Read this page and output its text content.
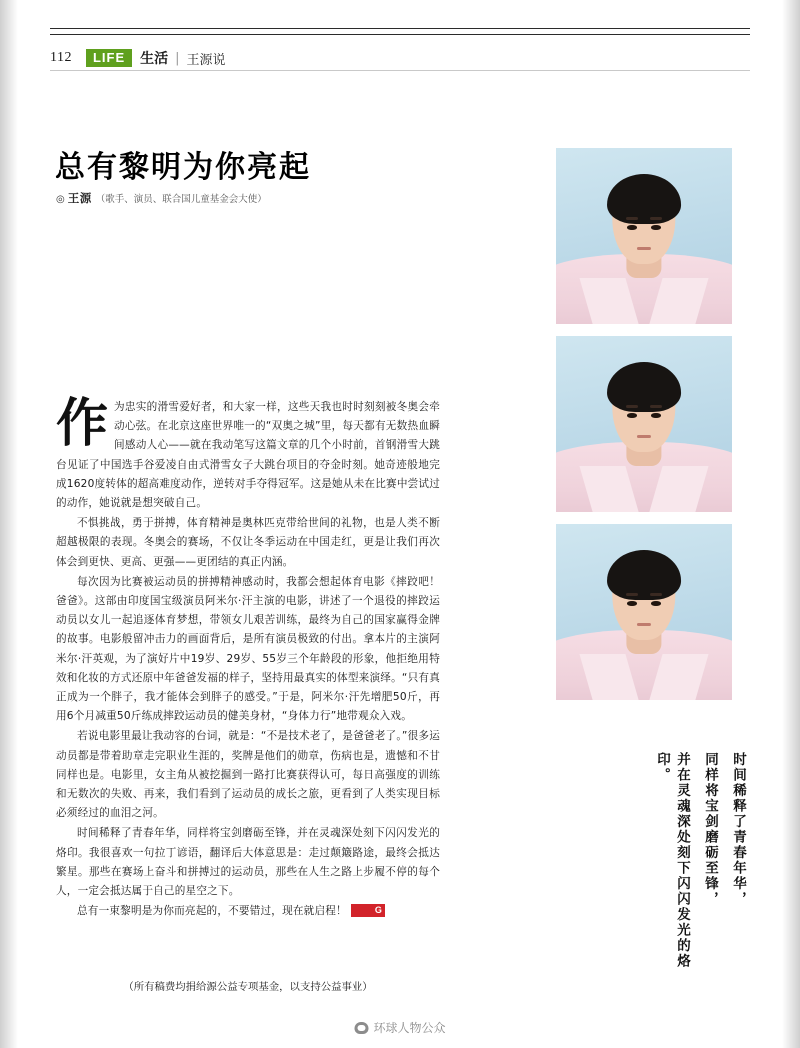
112	LIFE	生活 | 王源说
总有黎明为你亮起
◎ 王源 （歌手、演员、联合国儿童基金会大使）
作 为忠实的滑雪爱好者，和大家一样，这些天我也时时刻刻被冬奥会牵动心弦。在北京这座世界唯一的“双奥之城”里，每天都有无数热血瞬间感动人心——就在我动笔写这篇文章的几个小时前，首钢滑雪大跳台见证了中国选手谷爱凌自由式滑雪女子大跳台项目的夺金时刻。她奇迹般地完成1620度转体的超高难度动作，逆转对手夺得冠军。这是她从未在比赛中尝试过的动作，她说就是想突破自己。

不惧挑战，勇于拼搏，体育精神是奥林匹克带给世间的礼物，也是人类不断超越极限的表现。冬奥会的赛场，不仅让冬季运动在中国走红，更是让我们再次体会到更快、更高、更强——更团结的真正内涵。

每次因为比赛被运动员的拼搏精神感动时，我都会想起体育电影《摔跤吧！爸爸》。这部由印度国宝级演员阿米尔·汗主演的电影，讲述了一个退役的摔跤运动员以女儿一起追逐体育梦想，带领女儿艰苦训练，最终为自己的国家赢得金牌的故事。电影般留冲击力的画面背后，是所有演员极致的付出。拿本片的主演阿米尔·汗英观，为了演好片中19岁、29岁、55岁三个年龄段的形象，他拒绝用特效和化妆的方式还原中年爸爸发福的样子，坚持用最真实的体型来演绎。“只有真正成为一个胖子，我才能体会到胖子的感受。”于是，阿米尔·汗先增肥50斤，再用6个月减重50斤练成摔跤运动员的健美身材，“身体力行”地带观众入戏。

若说电影里最让我动容的台词，就是：“不是技术老了，是爸爸老了。”很多运动员都是带着助章走完职业生涯的，奖牌是他们的勋章，伤病也是，遗憾和不甘同样也是。电影里，女主角从被挖掘到一路打比赛获得认可，每日高强度的训练和无数次的失败、再来，我们看到了运动员的成长之旅，更看到了人类实现目标必须经过的血泪之河。

时间稀释了青春年华，同样将宝剑磨砺至锋，并在灵魂深处刻下闪闪发光的烙印。我很喜欢一句拉丁谚语，翻译后大体意思是：走过颠簸路途，最终会抵达繁星。那些在赛场上奋斗和拼搏过的运动员，那些在人生之路上步履不停的每个人，一定会抵达属于自己的星空之下。

总有一束黎明是为你而亮起的，不要错过，现在就启程！	G

（所有稿费均捐给源公益专项基金，以支持公益事业）
时间稀释了青春年华，
同样将宝剑磨砺至锋，
并在灵魂深处刻下闪闪发光的烙印。
环球人物公众
